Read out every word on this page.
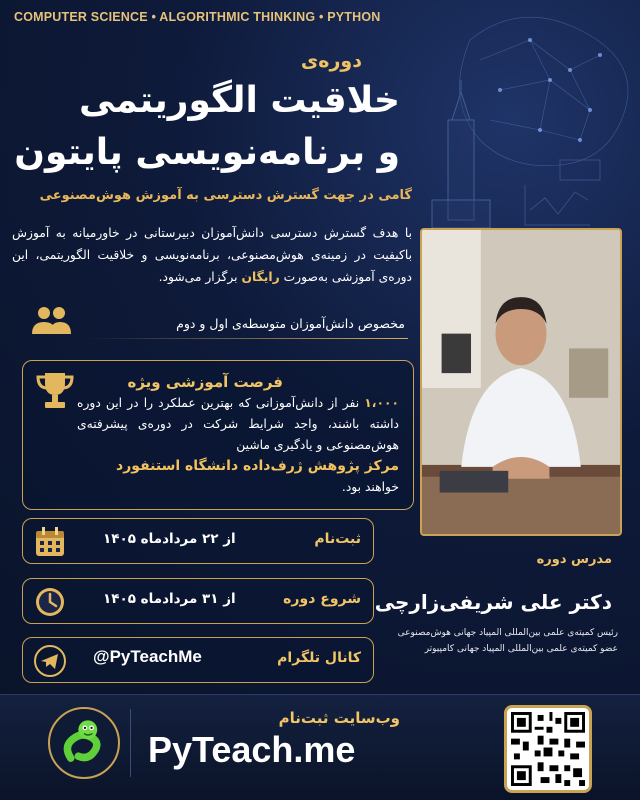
COMPUTER SCIENCE • ALGORITHMIC THINKING • PYTHON
دوره‌ی
خلاقیت الگوریتمی
و برنامه‌نویسی پایتون
گامی در جهت گسترش دسترسی به آموزش هوش‌مصنوعی

با هدف گسترش دسترسی دانش‌آموزان دبیرستانی در خاورمیانه به آموزش باکیفیت در زمینه‌ی هوش‌مصنوعی، برنامه‌نویسی و خلاقیت الگوریتمی، این دوره‌ی آموزشی به‌صورت رایگان برگزار می‌شود.

مخصوص دانش‌آموزان متوسطه‌ی اول و دوم
فرصت آموزشی ویژه

۱،۰۰۰ نفر از دانش‌آموزانی که بهترین عملکرد را در این دوره داشته باشند، واجد شرایط شرکت در دوره‌ی پیشرفته‌ی هوش‌مصنوعی و یادگیری ماشین
مرکز پژوهش ژرف‌داده دانشگاه استنفورد
خواهند بود.

از ۲۲ مردادماه ۱۴۰۵	ثبت‌نام
از ۳۱ مردادماه ۱۴۰۵	شروع دوره
@PyTeachMe	کانال تلگرام
مدرس دوره
دکتر علی شریفی‌زارچی
رئیس کمیته‌ی علمی بین‌المللی المپیاد جهانی هوش‌مصنوعی
عضو کمیته‌ی علمی بین‌المللی المپیاد جهانی کامپیوتر
وب‌سایت ثبت‌نام
PyTeach.me
